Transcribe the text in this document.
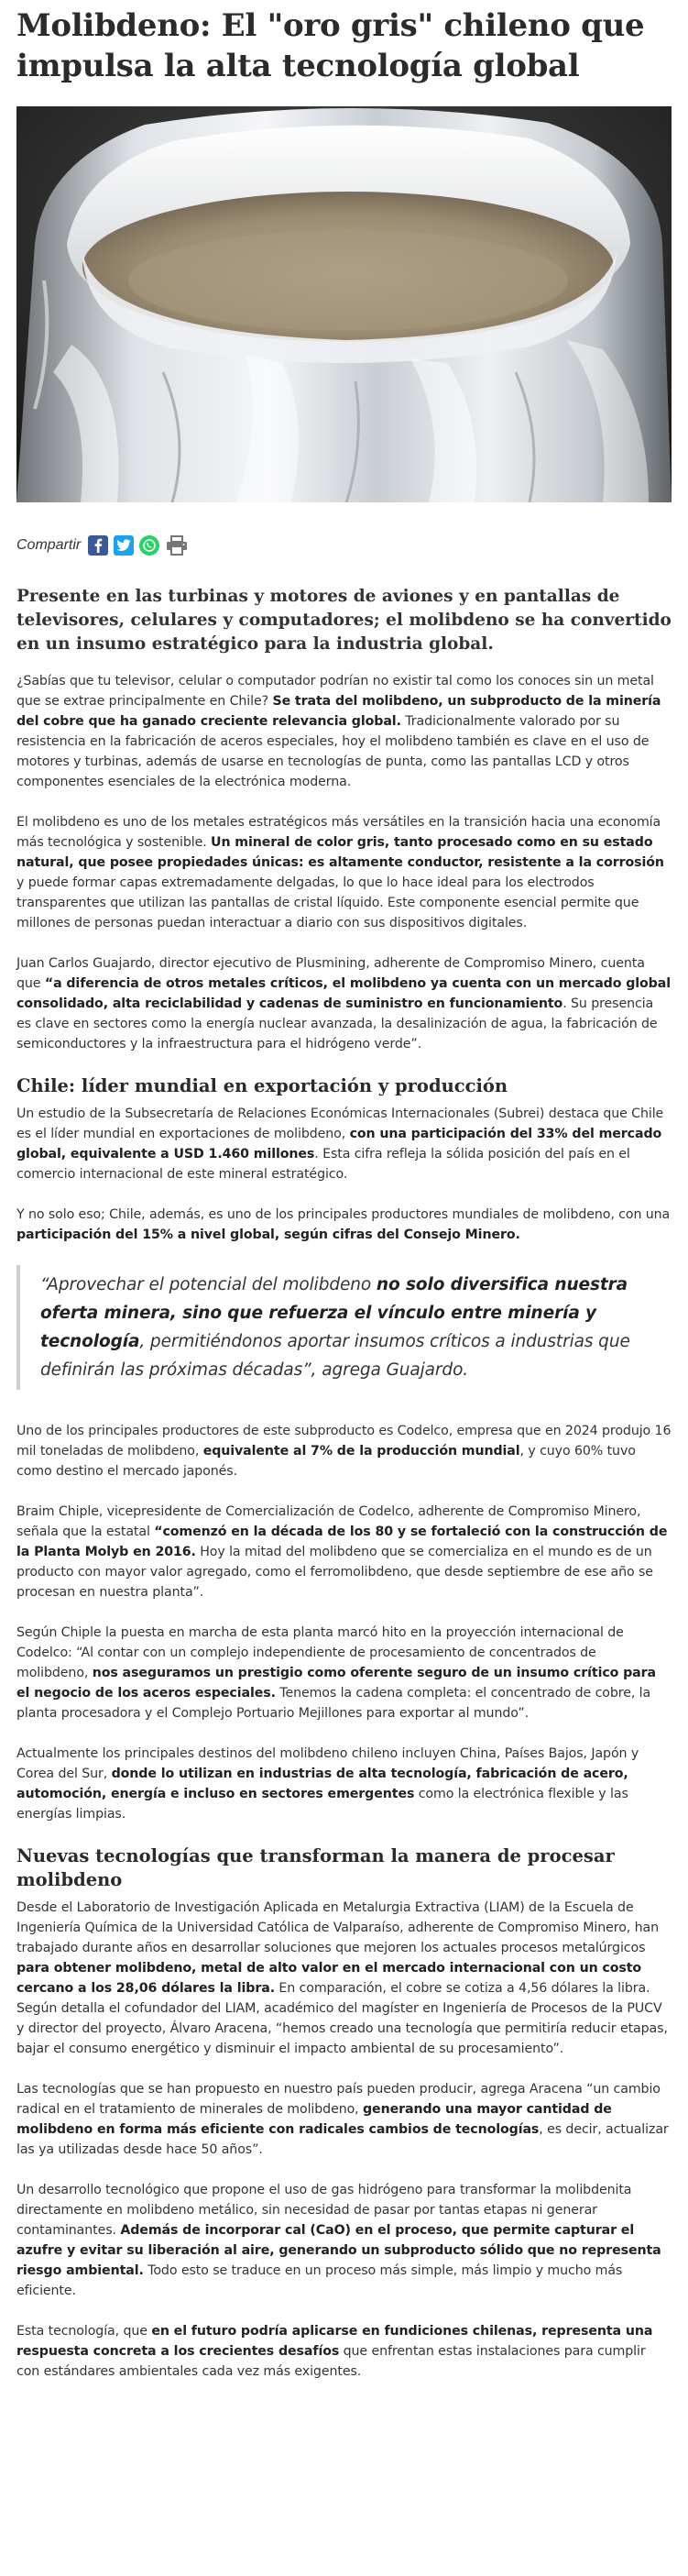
Molibdeno: El "oro gris" chileno que impulsa la alta tecnología global
Compartir

Presente en las turbinas y motores de aviones y en pantallas de televisores, celulares y computadores; el molibdeno se ha convertido en un insumo estratégico para la industria global.

¿Sabías que tu televisor, celular o computador podrían no existir tal como los conoces sin un metal que se extrae principalmente en Chile? Se trata del molibdeno, un subproducto de la minería del cobre que ha ganado creciente relevancia global. Tradicionalmente valorado por su resistencia en la fabricación de aceros especiales, hoy el molibdeno también es clave en el uso de motores y turbinas, además de usarse en tecnologías de punta, como las pantallas LCD y otros componentes esenciales de la electrónica moderna.

El molibdeno es uno de los metales estratégicos más versátiles en la transición hacia una economía más tecnológica y sostenible. Un mineral de color gris, tanto procesado como en su estado natural, que posee propiedades únicas: es altamente conductor, resistente a la corrosión y puede formar capas extremadamente delgadas, lo que lo hace ideal para los electrodos transparentes que utilizan las pantallas de cristal líquido. Este componente esencial permite que millones de personas puedan interactuar a diario con sus dispositivos digitales.

Juan Carlos Guajardo, director ejecutivo de Plusmining, adherente de Compromiso Minero, cuenta que “a diferencia de otros metales críticos, el molibdeno ya cuenta con un mercado global consolidado, alta reciclabilidad y cadenas de suministro en funcionamiento. Su presencia es clave en sectores como la energía nuclear avanzada, la desalinización de agua, la fabricación de semiconductores y la infraestructura para el hidrógeno verde”.

Chile: líder mundial en exportación y producción

Un estudio de la Subsecretaría de Relaciones Económicas Internacionales (Subrei) destaca que Chile es el líder mundial en exportaciones de molibdeno, con una participación del 33% del mercado global, equivalente a USD 1.460 millones. Esta cifra refleja la sólida posición del país en el comercio internacional de este mineral estratégico.

Y no solo eso; Chile, además, es uno de los principales productores mundiales de molibdeno, con una participación del 15% a nivel global, según cifras del Consejo Minero.

“Aprovechar el potencial del molibdeno no solo diversifica nuestra oferta minera, sino que refuerza el vínculo entre minería y tecnología, permitiéndonos aportar insumos críticos a industrias que definirán las próximas décadas”, agrega Guajardo.

Uno de los principales productores de este subproducto es Codelco, empresa que en 2024 produjo 16 mil toneladas de molibdeno, equivalente al 7% de la producción mundial, y cuyo 60% tuvo como destino el mercado japonés.

Braim Chiple, vicepresidente de Comercialización de Codelco, adherente de Compromiso Minero, señala que la estatal “comenzó en la década de los 80 y se fortaleció con la construcción de la Planta Molyb en 2016. Hoy la mitad del molibdeno que se comercializa en el mundo es de un producto con mayor valor agregado, como el ferromolibdeno, que desde septiembre de ese año se procesan en nuestra planta”.

Según Chiple la puesta en marcha de esta planta marcó hito en la proyección internacional de Codelco: “Al contar con un complejo independiente de procesamiento de concentrados de molibdeno, nos aseguramos un prestigio como oferente seguro de un insumo crítico para el negocio de los aceros especiales. Tenemos la cadena completa: el concentrado de cobre, la planta procesadora y el Complejo Portuario Mejillones para exportar al mundo”.

Actualmente los principales destinos del molibdeno chileno incluyen China, Países Bajos, Japón y Corea del Sur, donde lo utilizan en industrias de alta tecnología, fabricación de acero, automoción, energía e incluso en sectores emergentes como la electrónica flexible y las energías limpias.

Nuevas tecnologías que transforman la manera de procesar molibdeno

Desde el Laboratorio de Investigación Aplicada en Metalurgia Extractiva (LIAM) de la Escuela de Ingeniería Química de la Universidad Católica de Valparaíso, adherente de Compromiso Minero, han trabajado durante años en desarrollar soluciones que mejoren los actuales procesos metalúrgicos para obtener molibdeno, metal de alto valor en el mercado internacional con un costo cercano a los 28,06 dólares la libra. En comparación, el cobre se cotiza a 4,56 dólares la libra. Según detalla el cofundador del LIAM, académico del magíster en Ingeniería de Procesos de la PUCV y director del proyecto, Álvaro Aracena, “hemos creado una tecnología que permitiría reducir etapas, bajar el consumo energético y disminuir el impacto ambiental de su procesamiento”.

Las tecnologías que se han propuesto en nuestro país pueden producir, agrega Aracena “un cambio radical en el tratamiento de minerales de molibdeno, generando una mayor cantidad de molibdeno en forma más eficiente con radicales cambios de tecnologías, es decir, actualizar las ya utilizadas desde hace 50 años”.

Un desarrollo tecnológico que propone el uso de gas hidrógeno para transformar la molibdenita directamente en molibdeno metálico, sin necesidad de pasar por tantas etapas ni generar contaminantes. Además de incorporar cal (CaO) en el proceso, que permite capturar el azufre y evitar su liberación al aire, generando un subproducto sólido que no representa riesgo ambiental. Todo esto se traduce en un proceso más simple, más limpio y mucho más eficiente.

Esta tecnología, que en el futuro podría aplicarse en fundiciones chilenas, representa una respuesta concreta a los crecientes desafíos que enfrentan estas instalaciones para cumplir con estándares ambientales cada vez más exigentes.
